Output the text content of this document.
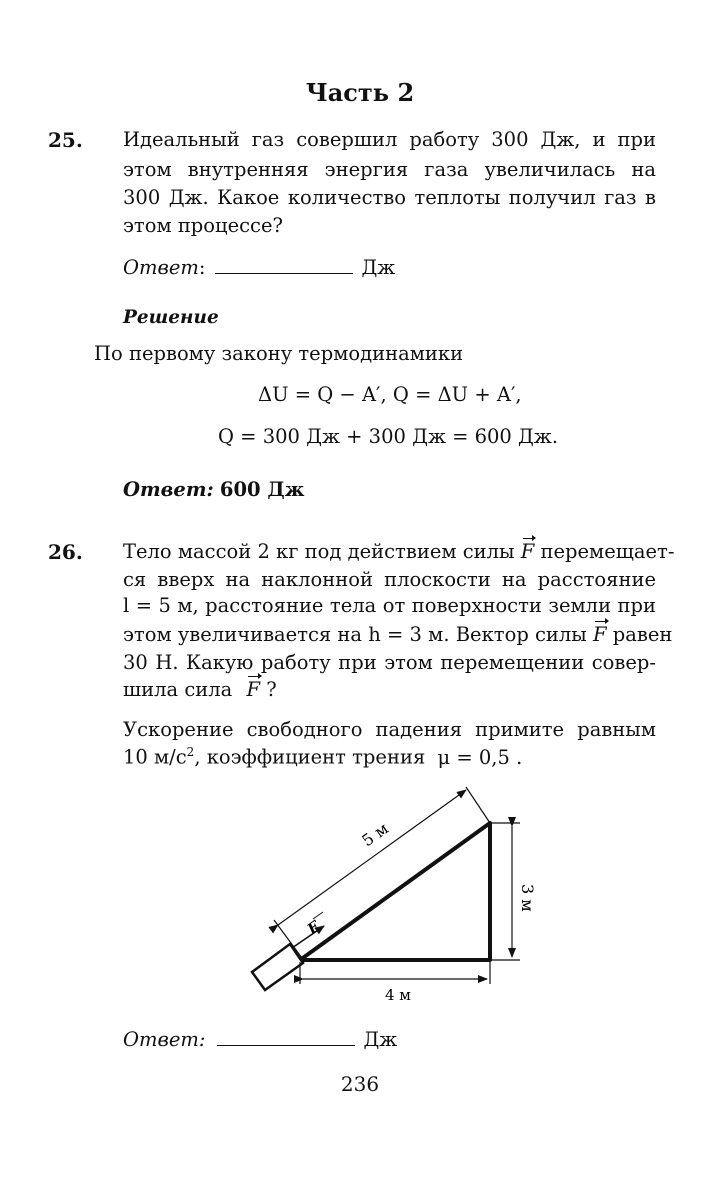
Часть 2
25. Идеальный газ совершил работу 300 Дж, и при
этом внутренняя энергия газа увеличилась на
300 Дж. Какое количество теплоты получил газ в
этом процессе?
Ответ:	Дж
Решение
По первому закону термодинамики
ΔU = Q − A′, Q = ΔU + A′,
Q = 300 Дж + 300 Дж = 600 Дж.
Ответ: 600 Дж
26. Тело массой 2 кг под действием силы F перемещает-
ся вверх на наклонной плоскости на расстояние
l = 5 м, расстояние тела от поверхности земли при
этом увеличивается на h = 3 м. Вектор силы F равен
30 Н. Какую работу при этом перемещении совер-
шила сила F ?
Ускорение свободного падения примите равным
10 $м/с^2$, коэффициент трения μ = 0,5 .
5 м
3 м
4 м
F
Ответ:	Дж
236
